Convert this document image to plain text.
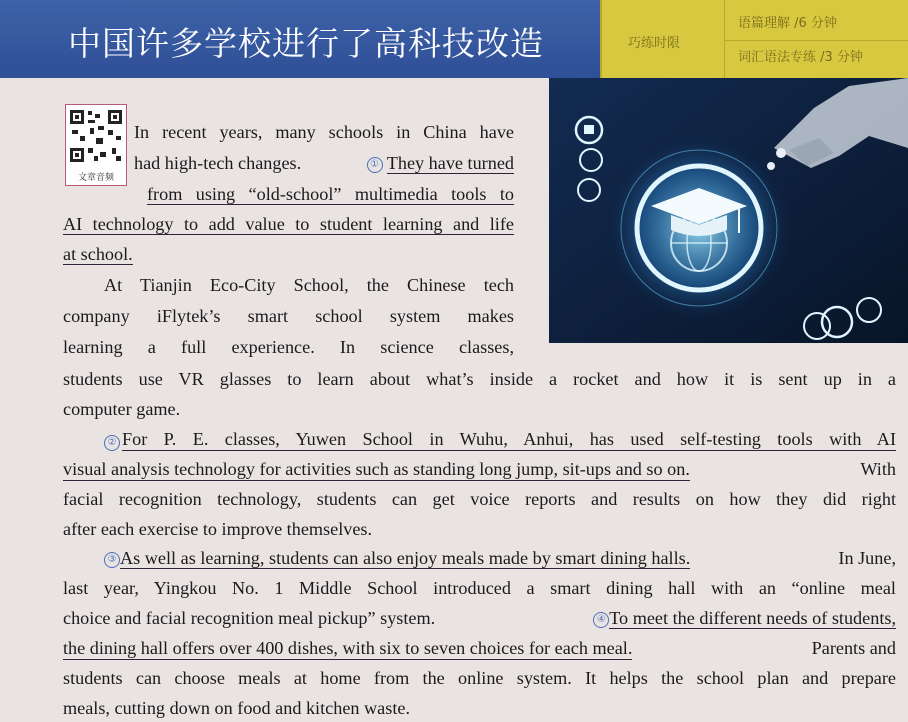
中国许多学校进行了高科技改造	巧练时限
语篇理解 /6 分钟
词汇语法专练 /3 分钟
文章音频
In recent years, many schools in China have
had high-tech changes.	① They have turned
from using “old-school” multimedia tools to
AI technology to add value to student learning and life
at school.
At Tianjin Eco-City School, the Chinese tech
company iFlytek’s smart school system makes
learning a full experience. In science classes,
students use VR glasses to learn about what’s inside a rocket and how it is sent up in a
computer game.
② For P. E. classes, Yuwen School in Wuhu, Anhui, has used self-testing tools with AI
visual analysis technology for activities such as standing long jump, sit-ups and so on.	With
facial recognition technology, students can get voice reports and results on how they did right
after each exercise to improve themselves.
③ As well as learning, students can also enjoy meals made by smart dining halls.	In June,
last year, Yingkou No. 1 Middle School introduced a smart dining hall with an “online meal
choice and facial recognition meal pickup” system.	④ To meet the different needs of students,
the dining hall offers over 400 dishes, with six to seven choices for each meal.	Parents and
students can choose meals at home from the online system. It helps the school plan and prepare
meals, cutting down on food and kitchen waste.
